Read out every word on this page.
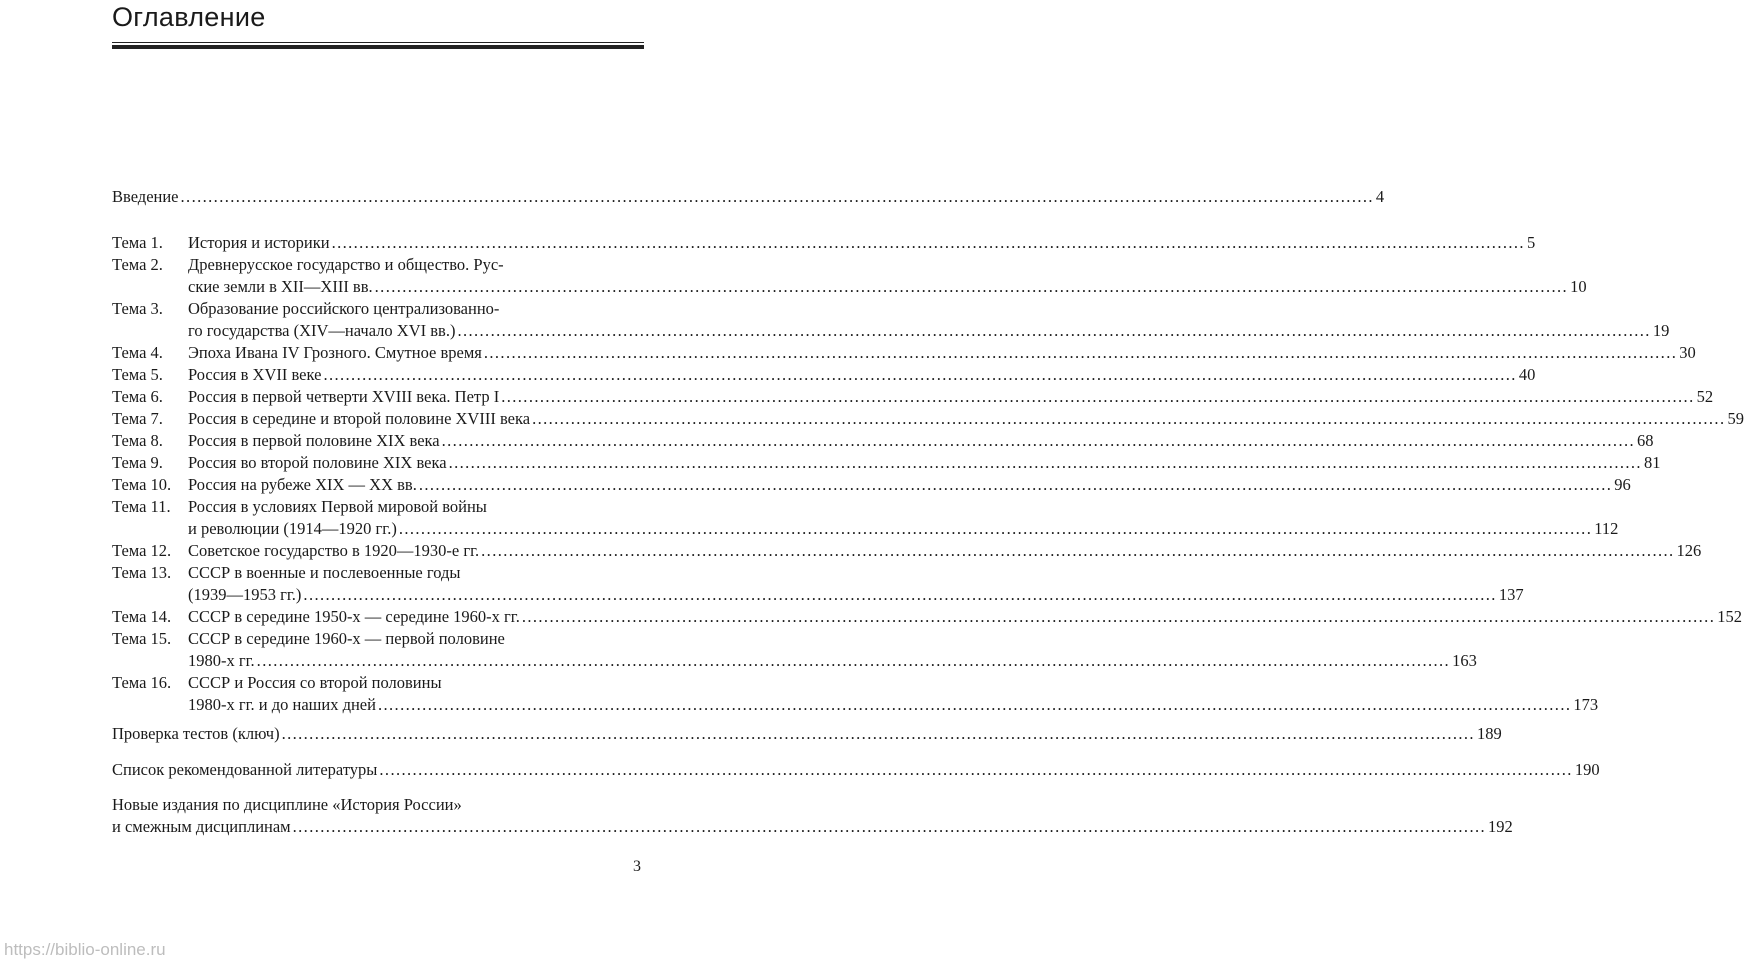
Оглавление
Введение .....	4
Тема 1. История и историки .....	5
Тема 2. Древнерусское государство и общество. Рус-
ские земли в XII—XIII вв. .....	10
Тема 3. Образование российского централизованно-
го государства (XIV—начало XVI вв.) .....	19
Тема 4. Эпоха Ивана IV Грозного. Смутное время .....	30
Тема 5. Россия в XVII веке .....	40
Тема 6. Россия в первой четверти XVIII века. Петр I .....	52
Тема 7. Россия в середине и второй половине XVIII века .....	59
Тема 8. Россия в первой половине XIX века .....	68
Тема 9. Россия во второй половине XIX века .....	81
Тема 10. Россия на рубеже XIX — XX вв. .....	96
Тема 11. Россия в условиях Первой мировой войны
и революции (1914—1920 гг.) .....	112
Тема 12. Советское государство в 1920—1930-е гг. .....	126
Тема 13. СССР в военные и послевоенные годы
(1939—1953 гг.) .....	137
Тема 14. СССР в середине 1950-х — середине 1960-х гг. .....	152
Тема 15. СССР в середине 1960-х — первой половине
1980-х гг. .....	163
Тема 16. СССР и Россия со второй половины
1980-х гг. и до наших дней .....	173
Проверка тестов (ключ) .....	189
Список рекомендованной литературы .....	190
Новые издания по дисциплине «История России»
и смежным дисциплинам .....	192
3
https://biblio-online.ru
